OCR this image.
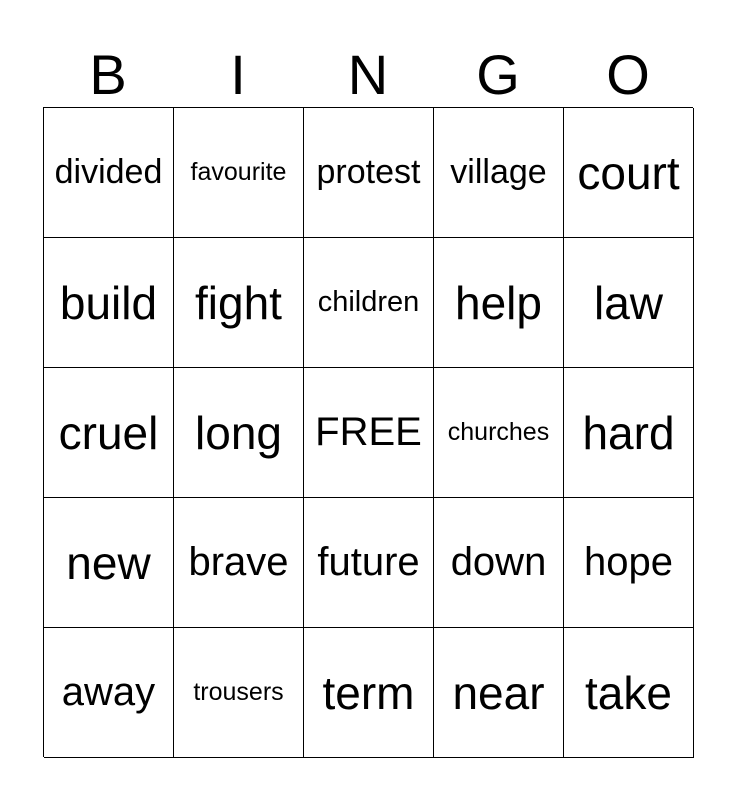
B	I	N	G	O
divided	favourite protest village court
build fight	children help	law
cruel long FREE	churches hard
new brave future down hope
away	trousers term near take
